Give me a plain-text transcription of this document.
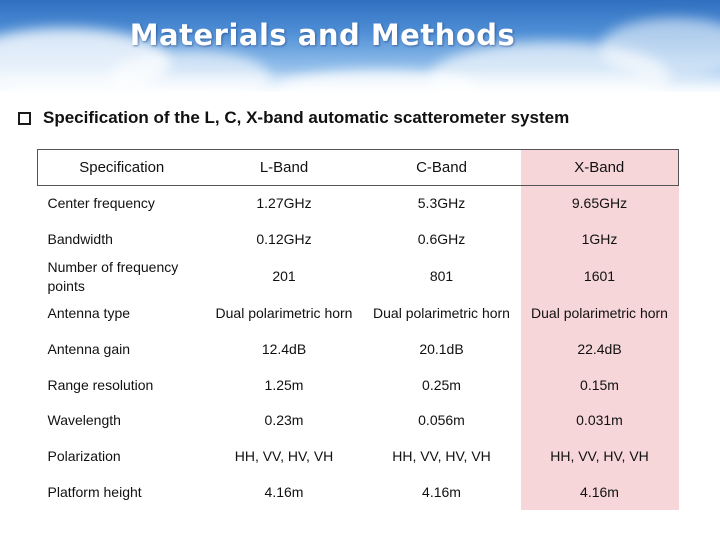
Materials and Methods
Specification of the L, C, X-band automatic scatterometer system
Specification	L-Band	C-Band	X-Band
Center frequency	1.27GHz	5.3GHz	9.65GHz
Bandwidth	0.12GHz	0.6GHz	1GHz
Number of frequency points	201	801	1601
Antenna type	Dual polarimetric horn	Dual polarimetric horn	Dual polarimetric horn
Antenna gain	12.4dB	20.1dB	22.4dB
Range resolution	1.25m	0.25m	0.15m
Wavelength	0.23m	0.056m	0.031m
Polarization	HH, VV, HV, VH	HH, VV, HV, VH	HH, VV, HV, VH
Platform height	4.16m	4.16m	4.16m
